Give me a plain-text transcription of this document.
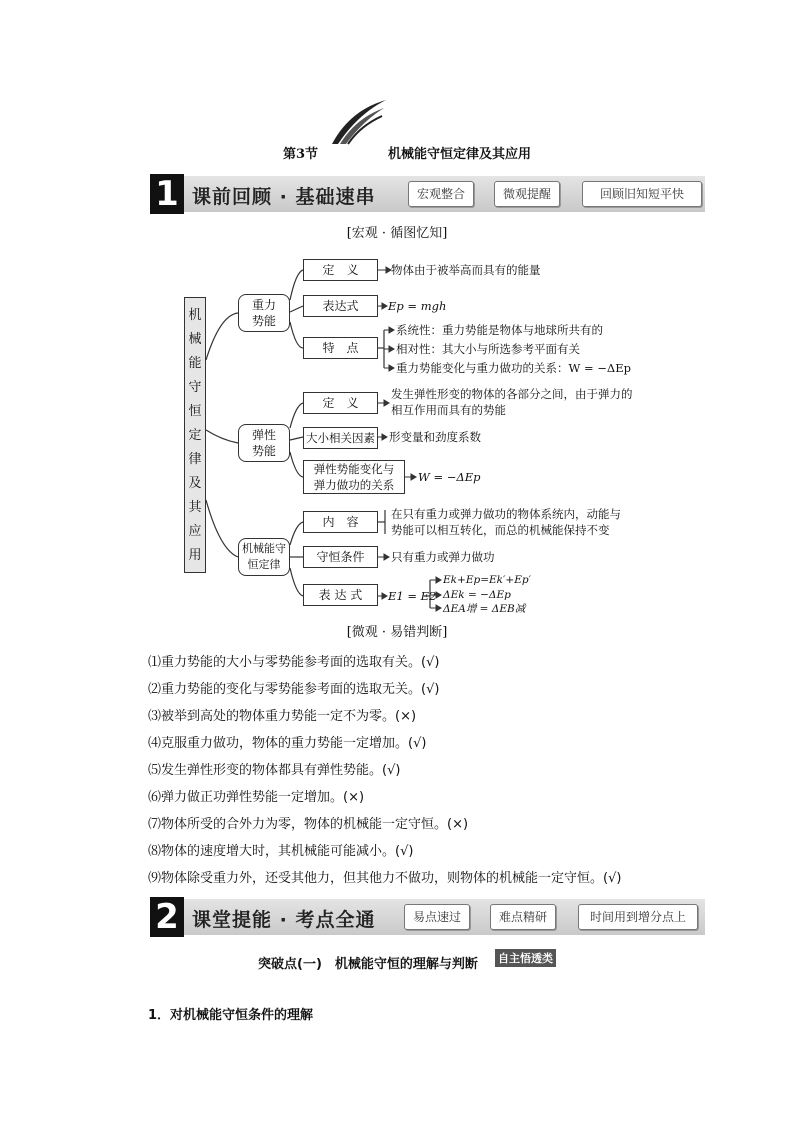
第3节	机械能守恒定律及其应用
1 课前回顾 · 基础速串	宏观整合	微观提醒	回顾旧知短平快
[宏观 · 循图忆知]
机
械
能
守
恒
定
律
及
其
应
用
重力势能
定　义	物体由于被举高而具有的能量
表达式	Ep = mgh
特　点
系统性：重力势能是物体与地球所共有的
相对性：其大小与所选参考平面有关
重力势能变化与重力做功的关系：W = −ΔEp
弹性势能
定　义
发生弹性形变的物体的各部分之间，由于弹力的
相互作用而具有的势能
大小相关因素 形变量和劲度系数
弹性势能变化与
弹力做功的关系
W = −ΔEp
机械能守恒定律
内　容
在只有重力或弹力做功的物体系统内，动能与
势能可以相互转化，而总的机械能保持不变
守恒条件	只有重力或弹力做功
表 达 式	E1 = E2
Ek+Ep=Ek′+Ep′
ΔEk = −ΔEp
ΔEA增 = ΔEB减
[微观 · 易错判断]
⑴重力势能的大小与零势能参考面的选取有关。(√)
⑵重力势能的变化与零势能参考面的选取无关。(√)
⑶被举到高处的物体重力势能一定不为零。(×)
⑷克服重力做功，物体的重力势能一定增加。(√)
⑸发生弹性形变的物体都具有弹性势能。(√)
⑹弹力做正功弹性势能一定增加。(×)
⑺物体所受的合外力为零，物体的机械能一定守恒。(×)
⑻物体的速度增大时，其机械能可能减小。(√)
⑼物体除受重力外，还受其他力，但其他力不做功，则物体的机械能一定守恒。(√)
2 课堂提能 · 考点全通	易点速过	难点精研	时间用到增分点上
突破点(一)　机械能守恒的理解与判断 自主悟透类
1．对机械能守恒条件的理解
